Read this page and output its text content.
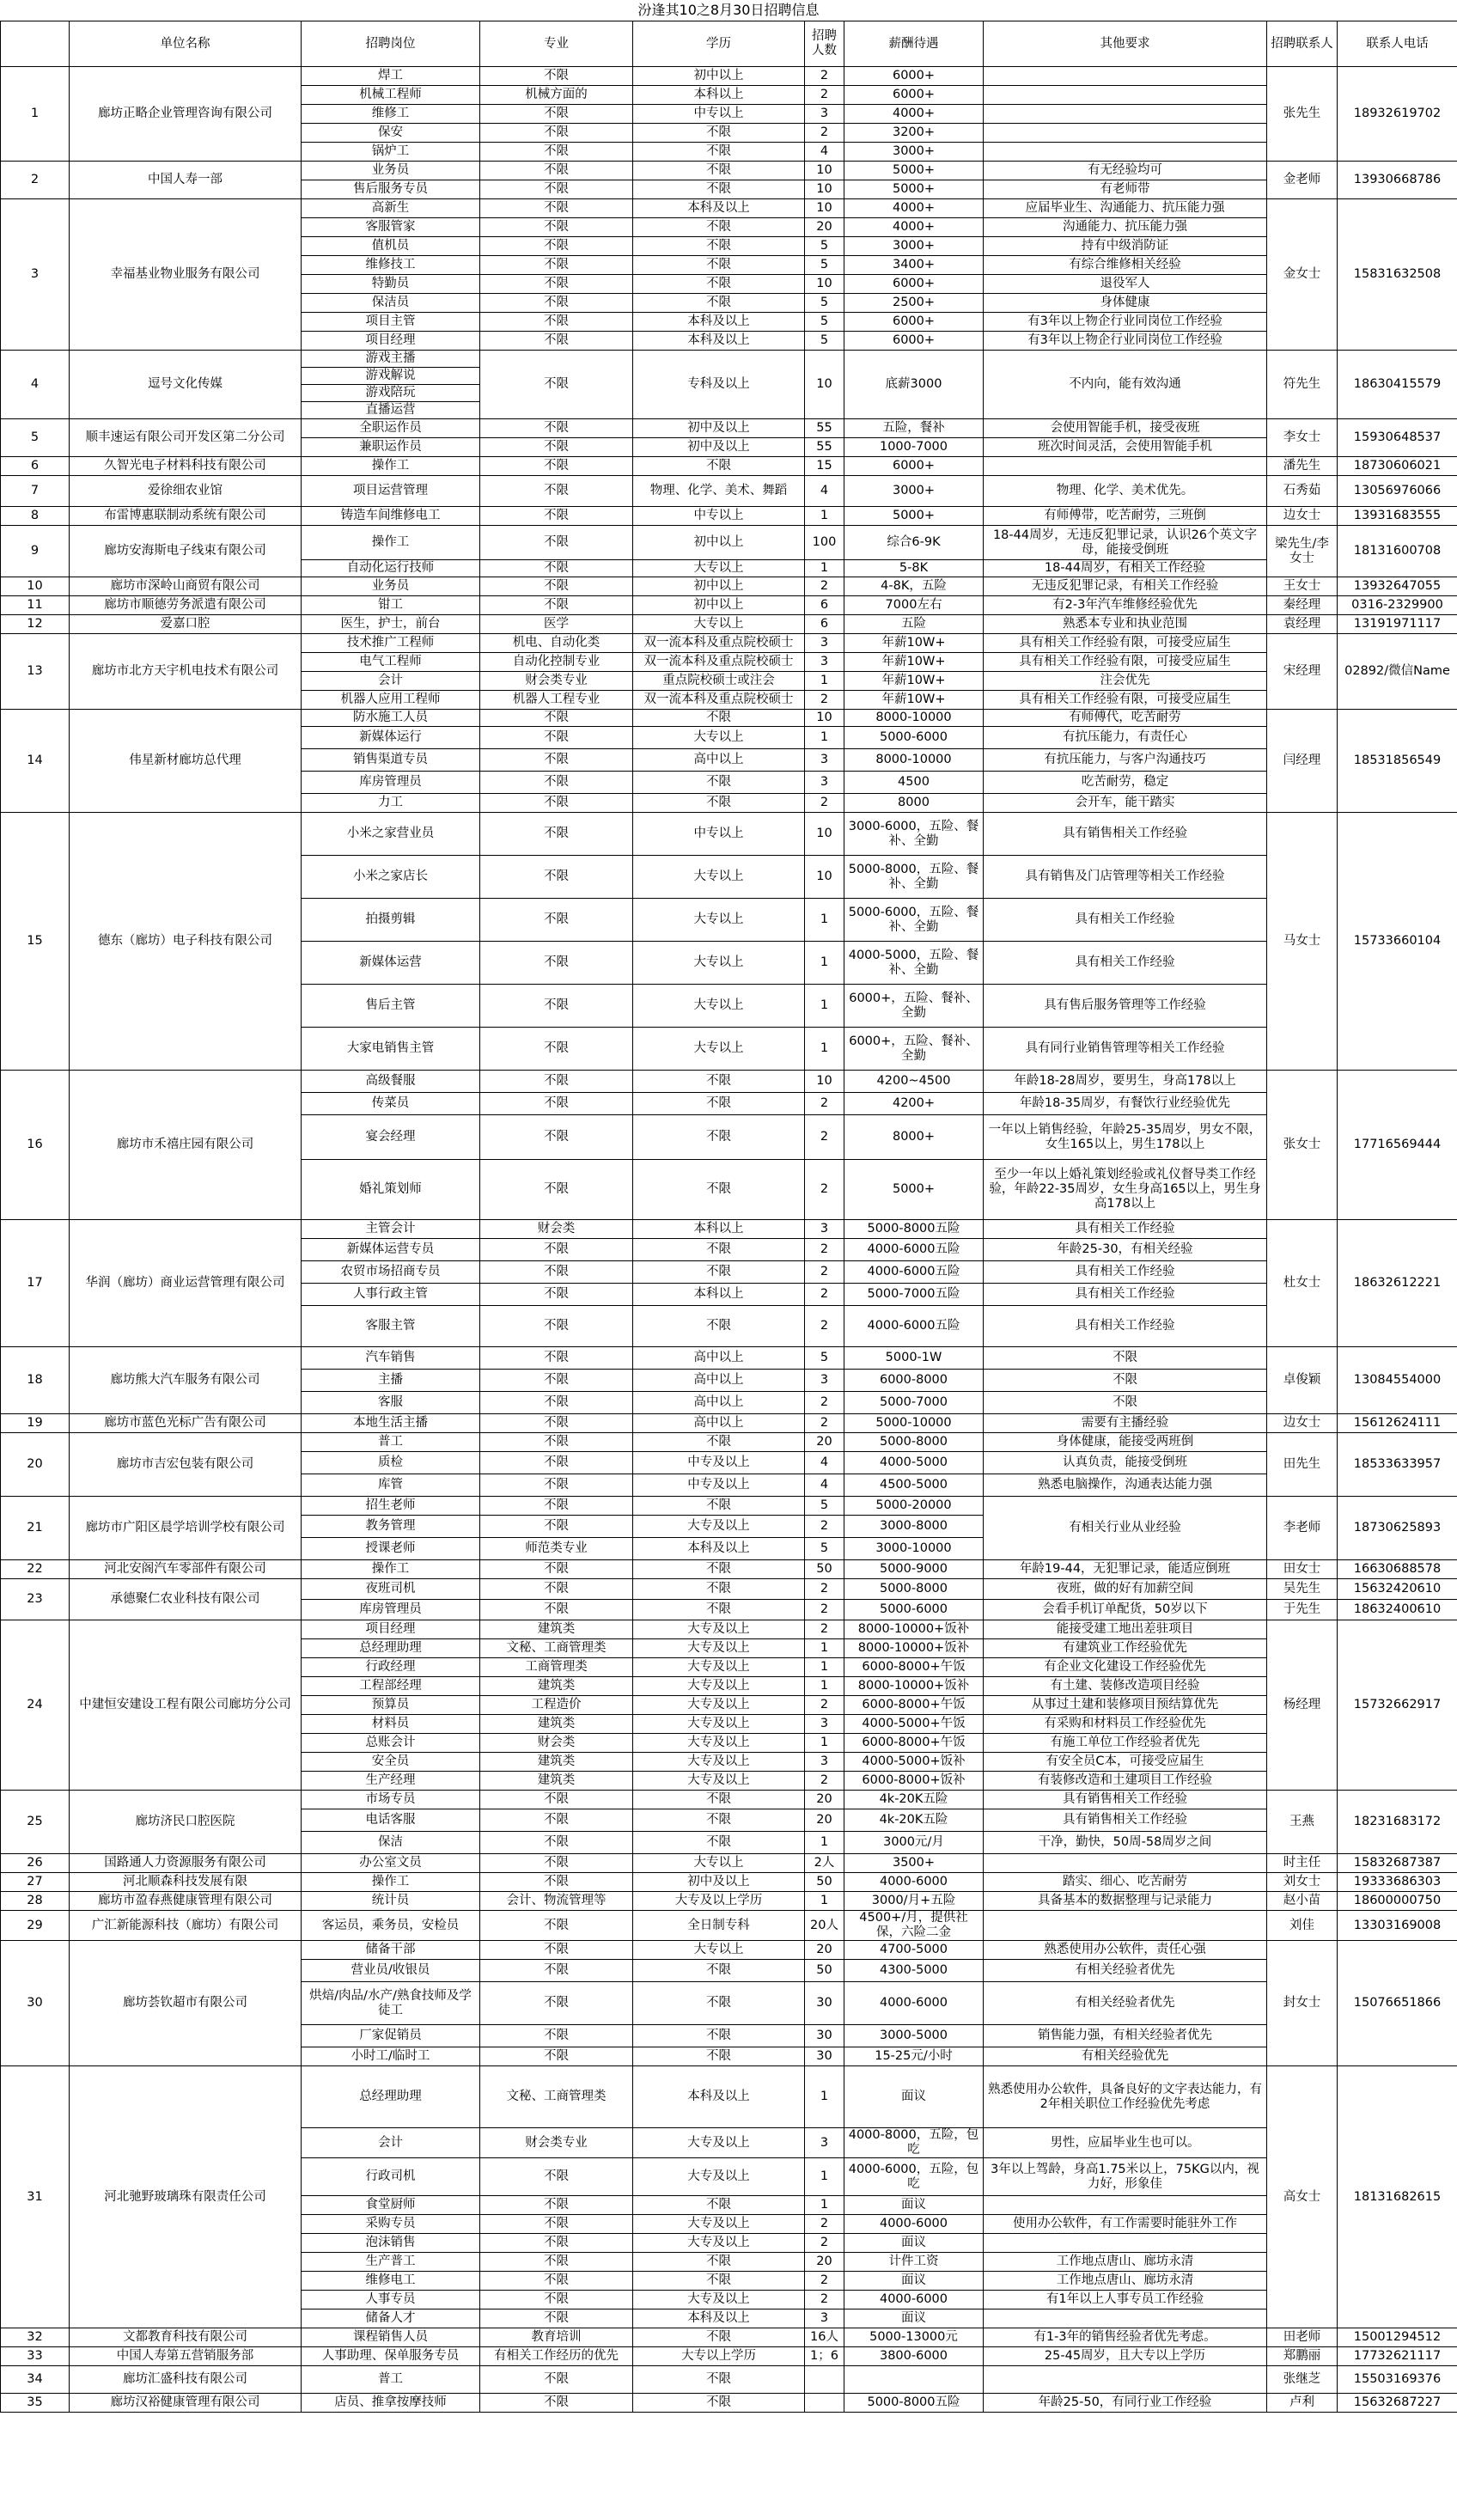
汾逢其10之8月30日招聘信息
	单位名称	招聘岗位	专业	学历	招聘人数	薪酬待遇	其他要求	招聘联系人	联系人电话
1	廊坊正略企业管理咨询有限公司	焊工	不限	初中以上	2	6000+		张先生	18932619702
		机械工程师	机械方面的	本科以上	2	6000+			
		维修工	不限	中专以上	3	4000+			
		保安	不限	不限	2	3200+			
		锅炉工	不限	不限	4	3000+			
2	中国人寿一部	业务员	不限	不限	10	5000+	有无经验均可	金老师	13930668786
		售后服务专员	不限	不限	10	5000+	有老师带		
3	幸福基业物业服务有限公司	高新生	不限	本科及以上	10	4000+	应届毕业生、沟通能力、抗压能力强	金女士	15831632508
		客服管家	不限	不限	20	4000+	沟通能力、抗压能力强		
		值机员	不限	不限	5	3000+	持有中级消防证		
		维修技工	不限	不限	5	3400+	有综合维修相关经验		
		特勤员	不限	不限	10	6000+	退役军人		
		保洁员	不限	不限	5	2500+	身体健康		
		项目主管	不限	本科及以上	5	6000+	有3年以上物企行业同岗位工作经验		
		项目经理	不限	本科及以上	5	6000+	有3年以上物企行业同岗位工作经验		
4	逗号文化传媒	游戏主播	不限	专科及以上	10	底薪3000	不内向，能有效沟通	符先生	18630415579
		游戏解说							
		游戏陪玩							
		直播运营							
5	顺丰速运有限公司开发区第二分公司	全职运作员	不限	初中及以上	55	五险，餐补	会使用智能手机，接受夜班	李女士	15930648537
		兼职运作员	不限	初中及以上	55	1000-7000	班次时间灵活，会使用智能手机		
6	久智光电子材料科技有限公司	操作工	不限	不限	15	6000+		潘先生	18730606021
7	爱徐细农业馆	项目运营管理	不限	物理、化学、美术、舞蹈	4	3000+	物理、化学、美术优先。	石秀茹	13056976066
8	布雷博惠联制动系统有限公司	铸造车间维修电工	不限	中专以上	1	5000+	有师傅带，吃苦耐劳，三班倒	边女士	13931683555
9	廊坊安海斯电子线束有限公司	操作工	不限	初中以上	100	综合6-9K	18-44周岁，无违反犯罪记录，认识26个英文字母，能接受倒班	梁先生/李女士	18131600708
		自动化运行技师	不限	大专以上	1	5-8K	18-44周岁，有相关工作经验		
10	廊坊市深岭山商贸有限公司	业务员	不限	初中以上	2	4-8K，五险	无违反犯罪记录，有相关工作经验	王女士	13932647055
11	廊坊市顺德劳务派遣有限公司	钳工	不限	初中以上	6	7000左右	有2-3年汽车维修经验优先	秦经理	0316-2329900
12	爱嘉口腔	医生，护士，前台	医学	大专以上	6	五险	熟悉本专业和执业范围	袁经理	13191971117
13	廊坊市北方天宇机电技术有限公司	技术推广工程师	机电、自动化类	双一流本科及重点院校硕士	3	年薪10W+	具有相关工作经验有限，可接受应届生	宋经理	02892/微信Name
		电气工程师	自动化控制专业	双一流本科及重点院校硕士	3	年薪10W+	具有相关工作经验有限，可接受应届生		
		会计	财会类专业	重点院校硕士或注会	1	年薪10W+	注会优先		
		机器人应用工程师	机器人工程专业	双一流本科及重点院校硕士	2	年薪10W+	具有相关工作经验有限，可接受应届生		
14	伟星新材廊坊总代理	防水施工人员	不限	不限	10	8000-10000	有师傅代，吃苦耐劳	闫经理	18531856549
		新媒体运行	不限	大专以上	1	5000-6000	有抗压能力，有责任心		
		销售渠道专员	不限	高中以上	3	8000-10000	有抗压能力，与客户沟通技巧		
		库房管理员	不限	不限	3	4500	吃苦耐劳，稳定		
		力工	不限	不限	2	8000	会开车，能干踏实		
15	德东（廊坊）电子科技有限公司	小米之家营业员	不限	中专以上	10	3000-6000，五险、餐补、全勤	具有销售相关工作经验	马女士	15733660104
		小米之家店长	不限	大专以上	10	5000-8000，五险、餐补、全勤	具有销售及门店管理等相关工作经验		
		拍摄剪辑	不限	大专以上	1	5000-6000，五险、餐补、全勤	具有相关工作经验		
		新媒体运营	不限	大专以上	1	4000-5000，五险、餐补、全勤	具有相关工作经验		
		售后主管	不限	大专以上	1	6000+，五险、餐补、全勤	具有售后服务管理等工作经验		
		大家电销售主管	不限	大专以上	1	6000+，五险、餐补、全勤	具有同行业销售管理等相关工作经验		
16	廊坊市禾禧庄园有限公司	高级餐服	不限	不限	10	4200~4500	年龄18-28周岁，要男生，身高178以上	张女士	17716569444
		传菜员	不限	不限	2	4200+	年龄18-35周岁，有餐饮行业经验优先		
		宴会经理	不限	不限	2	8000+	一年以上销售经验，年龄25-35周岁，男女不限，女生165以上，男生178以上		
		婚礼策划师	不限	不限	2	5000+	至少一年以上婚礼策划经验或礼仪督导类工作经验，年龄22-35周岁，女生身高165以上，男生身高178以上		
17	华润（廊坊）商业运营管理有限公司	主管会计	财会类	本科以上	3	5000-8000五险	具有相关工作经验	杜女士	18632612221
		新媒体运营专员	不限	不限	2	4000-6000五险	年龄25-30，有相关经验		
		农贸市场招商专员	不限	不限	2	4000-6000五险	具有相关工作经验		
		人事行政主管	不限	本科以上	2	5000-7000五险	具有相关工作经验		
		客服主管	不限	不限	2	4000-6000五险	具有相关工作经验		
18	廊坊熊大汽车服务有限公司	汽车销售	不限	高中以上	5	5000-1W	不限	卓俊颖	13084554000
		主播	不限	高中以上	3	6000-8000	不限		
		客服	不限	高中以上	2	5000-7000	不限		
19	廊坊市蓝色光标广告有限公司	本地生活主播	不限	高中以上	2	5000-10000	需要有主播经验	边女士	15612624111
20	廊坊市吉宏包装有限公司	普工	不限	不限	20	5000-8000	身体健康，能接受两班倒	田先生	18533633957
		质检	不限	中专及以上	4	4000-5000	认真负责，能接受倒班		
		库管	不限	中专及以上	4	4500-5000	熟悉电脑操作，沟通表达能力强		
21	廊坊市广阳区晨学培训学校有限公司	招生老师	不限	不限	5	5000-20000	有相关行业从业经验	李老师	18730625893
		教务管理	不限	大专及以上	2	3000-8000			
		授课老师	师范类专业	本科及以上	5	3000-10000			
22	河北安阁汽车零部件有限公司	操作工	不限	不限	50	5000-9000	年龄19-44，无犯罪记录，能适应倒班	田女士	16630688578
23	承德聚仁农业科技有限公司	夜班司机	不限	不限	2	5000-8000	夜班，做的好有加薪空间	吴先生	15632420610
		库房管理员	不限	不限	2	5000-6000	会看手机订单配货，50岁以下	于先生	18632400610
24	中建恒安建设工程有限公司廊坊分公司	项目经理	建筑类	大专及以上	2	8000-10000+饭补	能接受建工地出差驻项目	杨经理	15732662917
		总经理助理	文秘、工商管理类	大专及以上	1	8000-10000+饭补	有建筑业工作经验优先		
		行政经理	工商管理类	大专及以上	1	6000-8000+午饭	有企业文化建设工作经验优先		
		工程部经理	建筑类	大专及以上	1	8000-10000+饭补	有土建、装修改造项目经验		
		预算员	工程造价	大专及以上	2	6000-8000+午饭	从事过土建和装修项目预结算优先		
		材料员	建筑类	大专及以上	3	4000-5000+午饭	有采购和材料员工作经验优先		
		总账会计	财会类	大专及以上	1	6000-8000+午饭	有施工单位工作经验者优先		
		安全员	建筑类	大专及以上	3	4000-5000+饭补	有安全员C本，可接受应届生		
		生产经理	建筑类	大专及以上	2	6000-8000+饭补	有装修改造和土建项目工作经验		
25	廊坊济民口腔医院	市场专员	不限	不限	20	4k-20K五险	具有销售相关工作经验	王燕	18231683172
		电话客服	不限	不限	20	4k-20K五险	具有销售相关工作经验		
		保洁	不限	不限	1	3000元/月	干净，勤快，50周-58周岁之间		
26	国路通人力资源服务有限公司	办公室文员	不限	大专以上	2人	3500+		时主任	15832687387
27	河北顺森科技发展有限	操作工	不限	初中及以上	50	4000-6000	踏实、细心、吃苦耐劳	刘女士	19333686303
28	廊坊市盈春燕健康管理有限公司	统计员	会计、物流管理等	大专及以上学历	1	3000/月+五险	具备基本的数据整理与记录能力	赵小苗	18600000750
29	广汇新能源科技（廊坊）有限公司	客运员，乘务员，安检员	不限	全日制专科	20人	4500+/月，提供社保，六险二金		刘佳	13303169008
30	廊坊荟钦超市有限公司	储备干部	不限	大专以上	20	4700-5000	熟悉使用办公软件，责任心强	封女士	15076651866
		营业员/收银员	不限	不限	50	4300-5000	有相关经验者优先		
		烘焙/肉品/水产/熟食技师及学徒工	不限	不限	30	4000-6000	有相关经验者优先		
		厂家促销员	不限	不限	30	3000-5000	销售能力强，有相关经验者优先		
		小时工/临时工	不限	不限	30	15-25元/小时	有相关经验优先		
31	河北驰野玻璃珠有限责任公司	总经理助理	文秘、工商管理类	本科及以上	1	面议	熟悉使用办公软件，具备良好的文字表达能力，有2年相关职位工作经验优先考虑	高女士	18131682615
		会计	财会类专业	大专及以上	3	4000-8000，五险，包吃	男性，应届毕业生也可以。		
		行政司机	不限	大专及以上	1	4000-6000，五险，包吃	3年以上驾龄，身高1.75米以上，75KG以内，视力好，形象佳		
		食堂厨师	不限	不限	1	面议			
		采购专员	不限	大专及以上	2	4000-6000	使用办公软件，有工作需要时能驻外工作		
		泡沫销售	不限	大专及以上	2	面议			
		生产普工	不限	不限	20	计件工资	工作地点唐山、廊坊永清		
		维修电工	不限	不限	2	面议	工作地点唐山、廊坊永清		
		人事专员	不限	大专及以上	2	4000-6000	有1年以上人事专员工作经验		
		储备人才	不限	本科及以上	3	面议			
32	文都教育科技有限公司	课程销售人员	教育培训	不限	16人	5000-13000元	有1-3年的销售经验者优先考虑。	田老师	15001294512
33	中国人寿第五营销服务部	人事助理、保单服务专员	有相关工作经历的优先	大专以上学历	1；6	3800-6000	25-45周岁，且大专以上学历	郑鹏丽	17732621117
34	廊坊汇盛科技有限公司	普工	不限	不限				张继芝	15503169376
35	廊坊汉裕健康管理有限公司	店员、推拿按摩技师	不限	不限		5000-8000五险	年龄25-50，有同行业工作经验	卢利	15632687227
